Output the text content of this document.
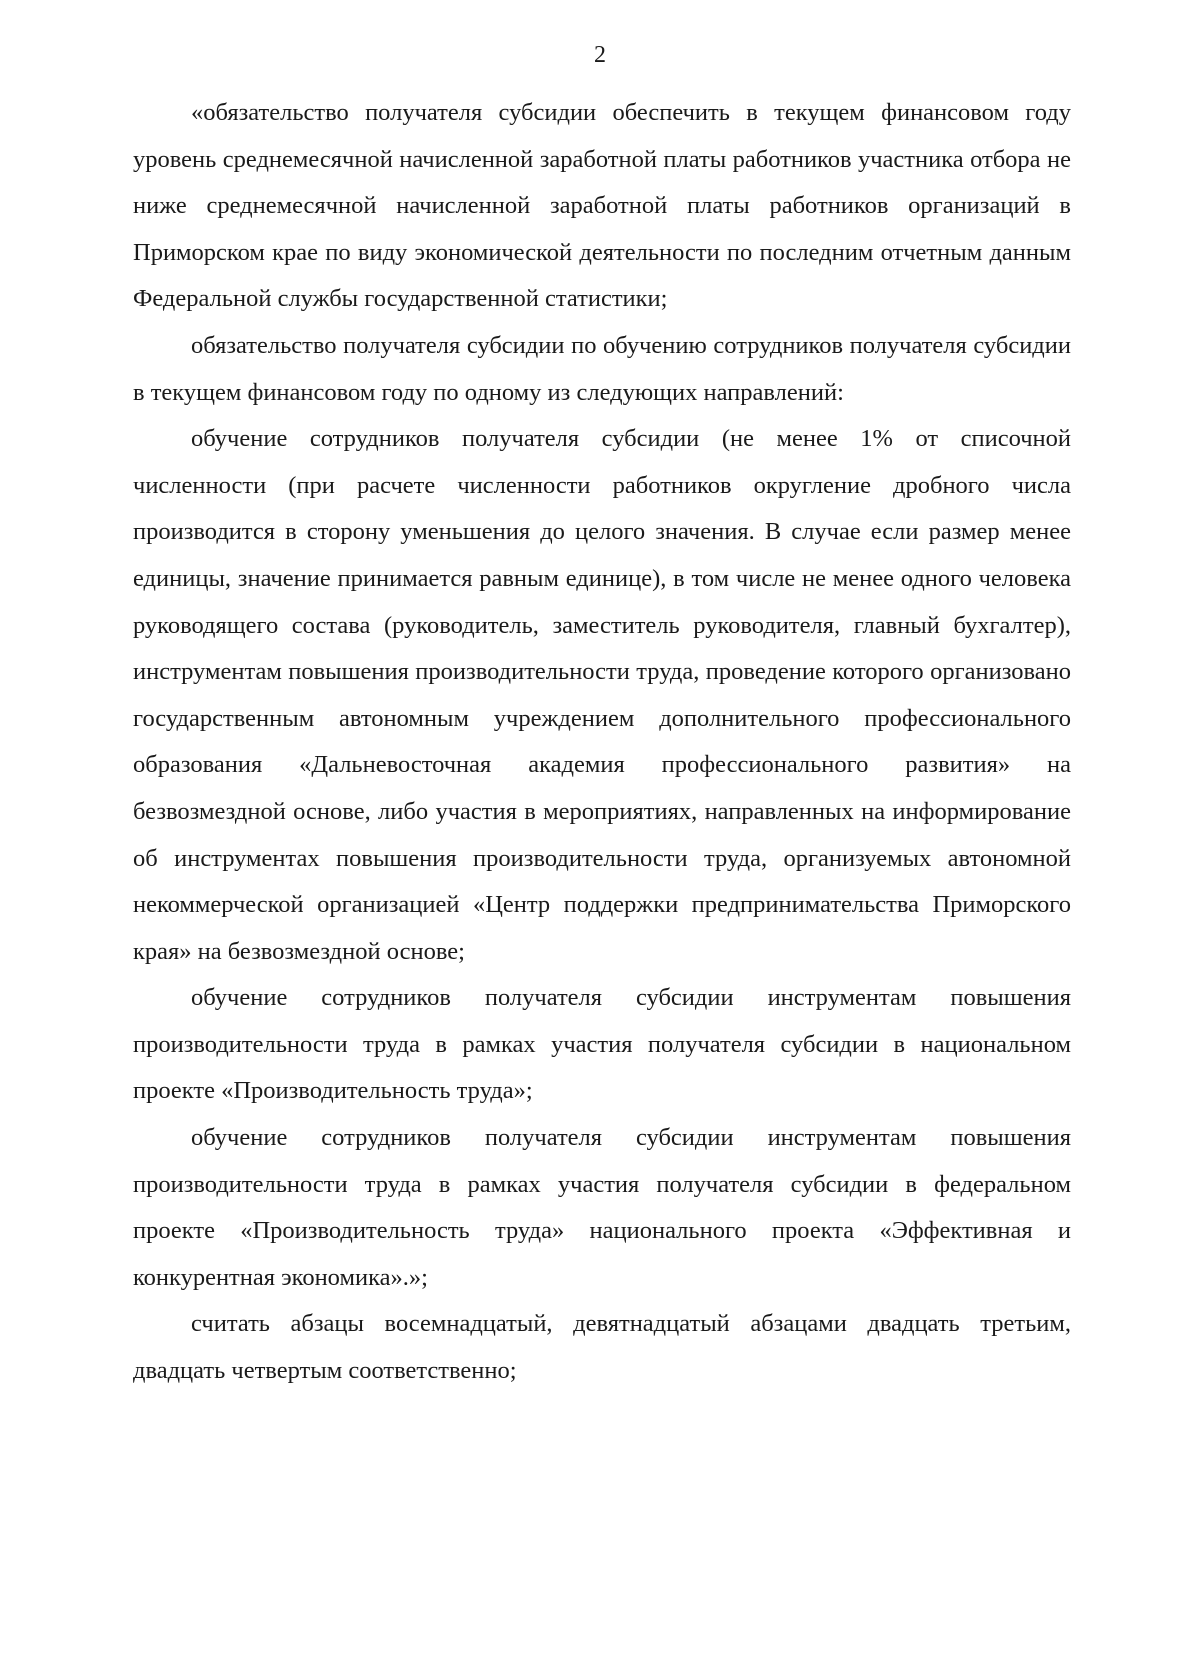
2

«обязательство получателя субсидии обеспечить в текущем финансовом году уровень среднемесячной начисленной заработной платы работников участника отбора не ниже среднемесячной начисленной заработной платы работников организаций в Приморском крае по виду экономической деятельности по последним отчетным данным Федеральной службы государственной статистики;

обязательство получателя субсидии по обучению сотрудников получателя субсидии в текущем финансовом году по одному из следующих направлений:

обучение сотрудников получателя субсидии (не менее 1% от списочной численности (при расчете численности работников округление дробного числа производится в сторону уменьшения до целого значения. В случае если размер менее единицы, значение принимается равным единице), в том числе не менее одного человека руководящего состава (руководитель, заместитель руководителя, главный бухгалтер), инструментам повышения производительности труда, проведение которого организовано государственным автономным учреждением дополнительного профессионального образования «Дальневосточная академия профессионального развития» на безвозмездной основе, либо участия в мероприятиях, направленных на информирование об инструментах повышения производительности труда, организуемых автономной некоммерческой организацией «Центр поддержки предпринимательства Приморского края» на безвозмездной основе;

обучение сотрудников получателя субсидии инструментам повышения производительности труда в рамках участия получателя субсидии в национальном проекте «Производительность труда»;

обучение сотрудников получателя субсидии инструментам повышения производительности труда в рамках участия получателя субсидии в федеральном проекте «Производительность труда» национального проекта «Эффективная и конкурентная экономика».»;

считать абзацы восемнадцатый, девятнадцатый абзацами двадцать третьим, двадцать четвертым соответственно;
